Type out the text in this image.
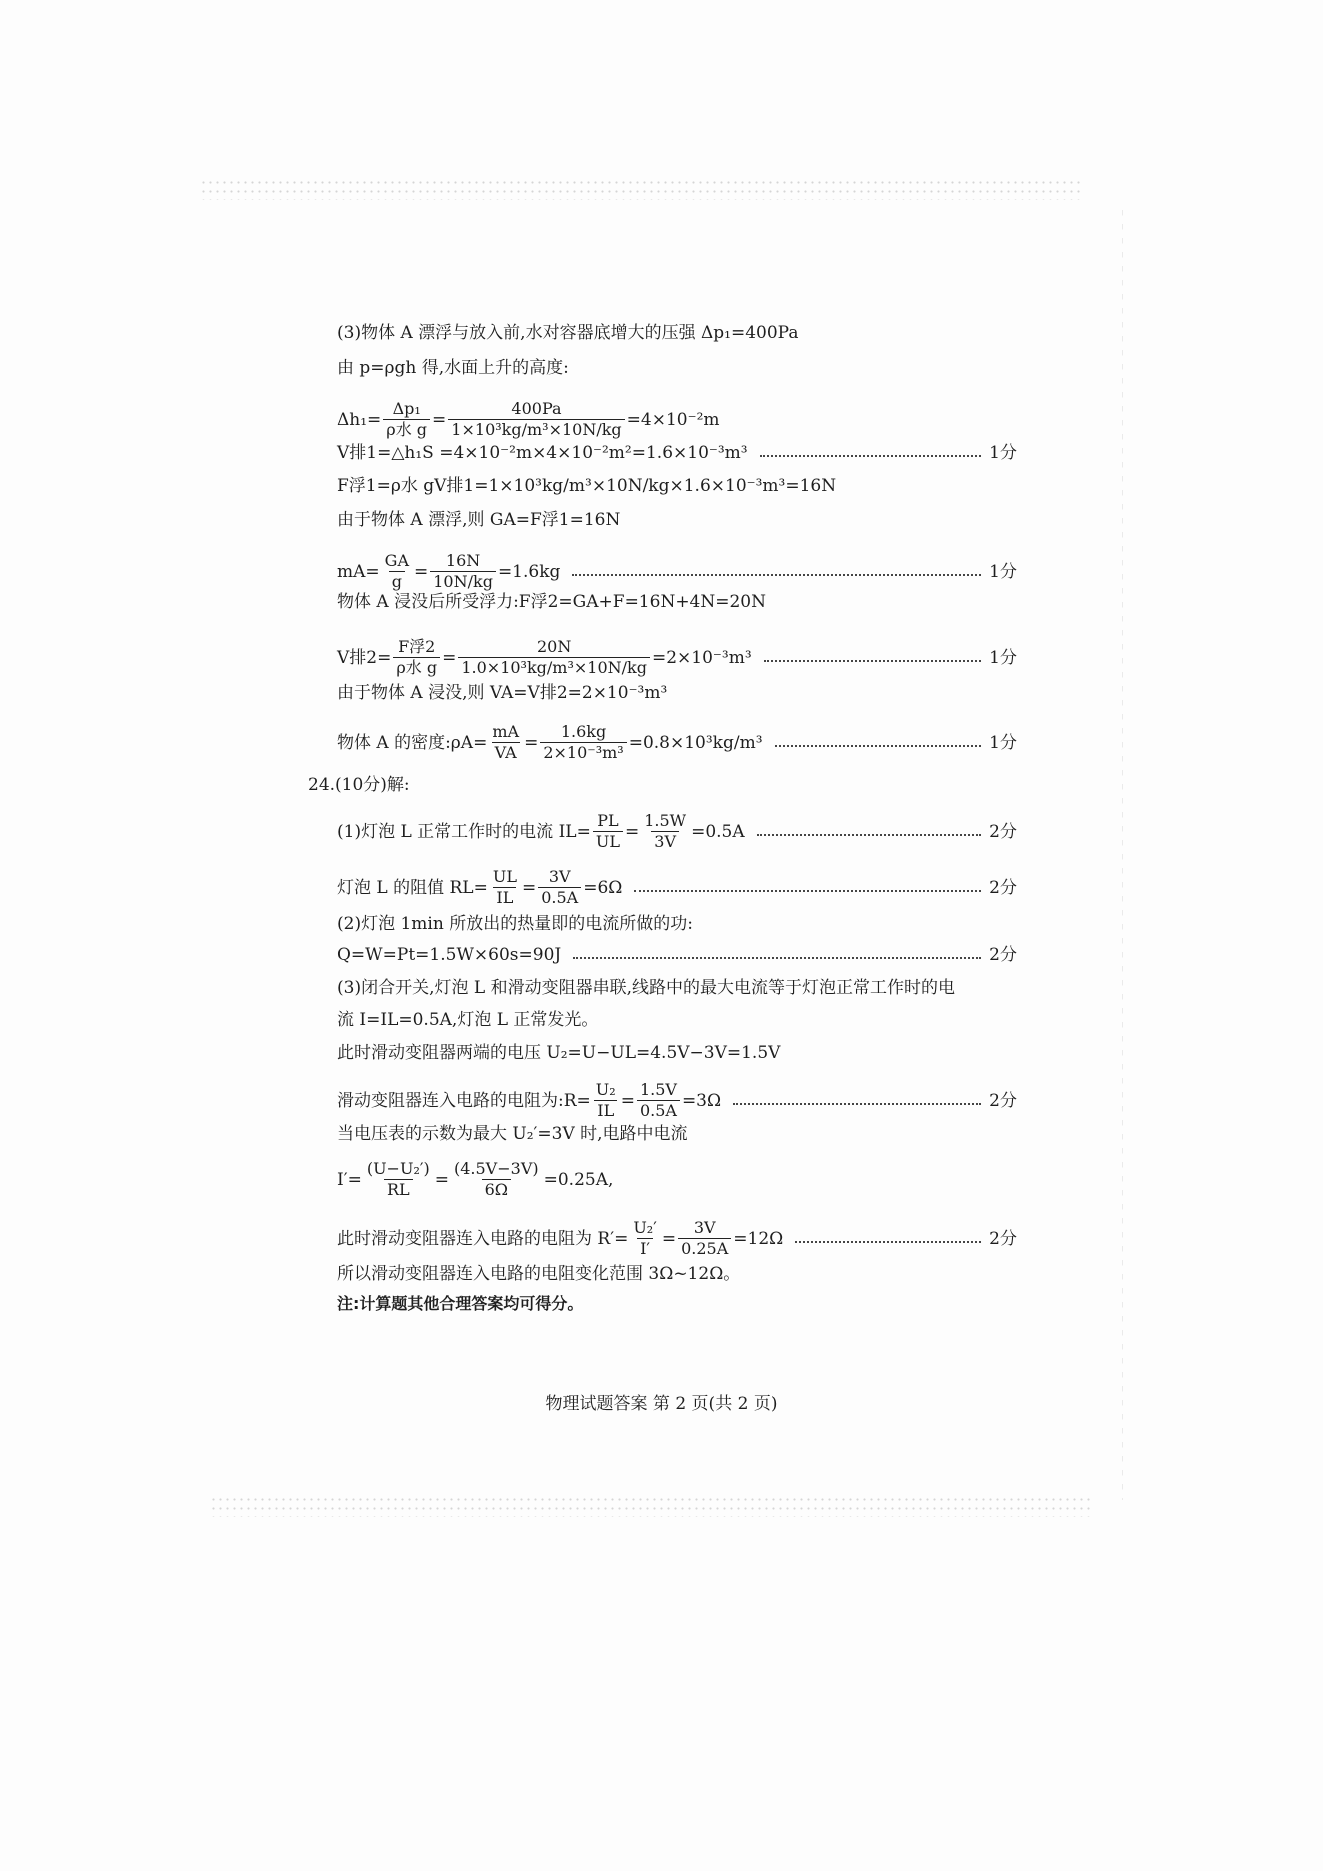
(3)物体 A 漂浮与放入前,水对容器底增大的压强 Δp₁=400Pa
由 p=ρgh 得,水面上升的高度:
$\Delta h_1= \frac{\text{Δp₁}}{\text{ρ水 g}} = \frac{400Pa}{\text{1×10³kg/m³×10N/kg}} =4\times 10^{-2}m$
V排1=△h₁S =4×10⁻²m×4×10⁻²m²=1.6×10⁻³m³	1分
F浮1=ρ水 gV排1=1×10³kg/m³×10N/kg×1.6×10⁻³m³=16N
由于物体 A 漂浮,则 GA=F浮1=16N
$mA= \frac{GA}{g} = \frac{16N}{10N/kg} =1.6kg$	1分
物体 A 浸没后所受浮力:F浮2=GA+F=16N+4N=20N
V排$2= \frac{\text{F浮2}}{\text{ρ水 g}} = \frac{20N}{\text{1.0×10³kg/m³×10N/kg}} =2\times 10^{-3}m^3$	1分
由于物体 A 浸没,则 VA=V排2=2×10⁻³m³
物体 A 的密度:ρA= $\frac{mA}{VA} = \frac{1.6kg}{\text{2×10⁻³m³}} =0.8\times 10^3kg/m^3$	1分
24.(10分)解:
(1)灯泡 L 正常工作时的电流 $IL= \frac{PL}{UL} = \frac{1.5W}{3V} =0.5A$	2分
灯泡 L 的阻值 $RL= \frac{UL}{IL} = \frac{3V}{0.5A} =6\Omega$	2分
(2)灯泡 1min 所放出的热量即的电流所做的功:
Q=W=Pt=1.5W×60s=90J	2分
(3)闭合开关,灯泡 L 和滑动变阻器串联,线路中的最大电流等于灯泡正常工作时的电
流 I=IL=0.5A,灯泡 L 正常发光。
此时滑动变阻器两端的电压 U₂=U−UL=4.5V−3V=1.5V
滑动变阻器连入电路的电阻为:R= $\frac{\text{U₂}}{IL} = \frac{1.5V}{0.5A} =3\Omega$	2分
当电压表的示数为最大 U₂′=3V 时,电路中电流
$I'= \frac{\text{(U−U₂′)}}{RL} = \frac{(4.5V-3V)}{6\Omega} =0.25A$,
此时滑动变阻器连入电路的电阻为 $R'= \frac{\text{U₂′}}{I'} = \frac{3V}{0.25A} =12\Omega$	2分
所以滑动变阻器连入电路的电阻变化范围 3Ω~12Ω。
注:计算题其他合理答案均可得分。
物理试题答案 第 2 页(共 2 页)
